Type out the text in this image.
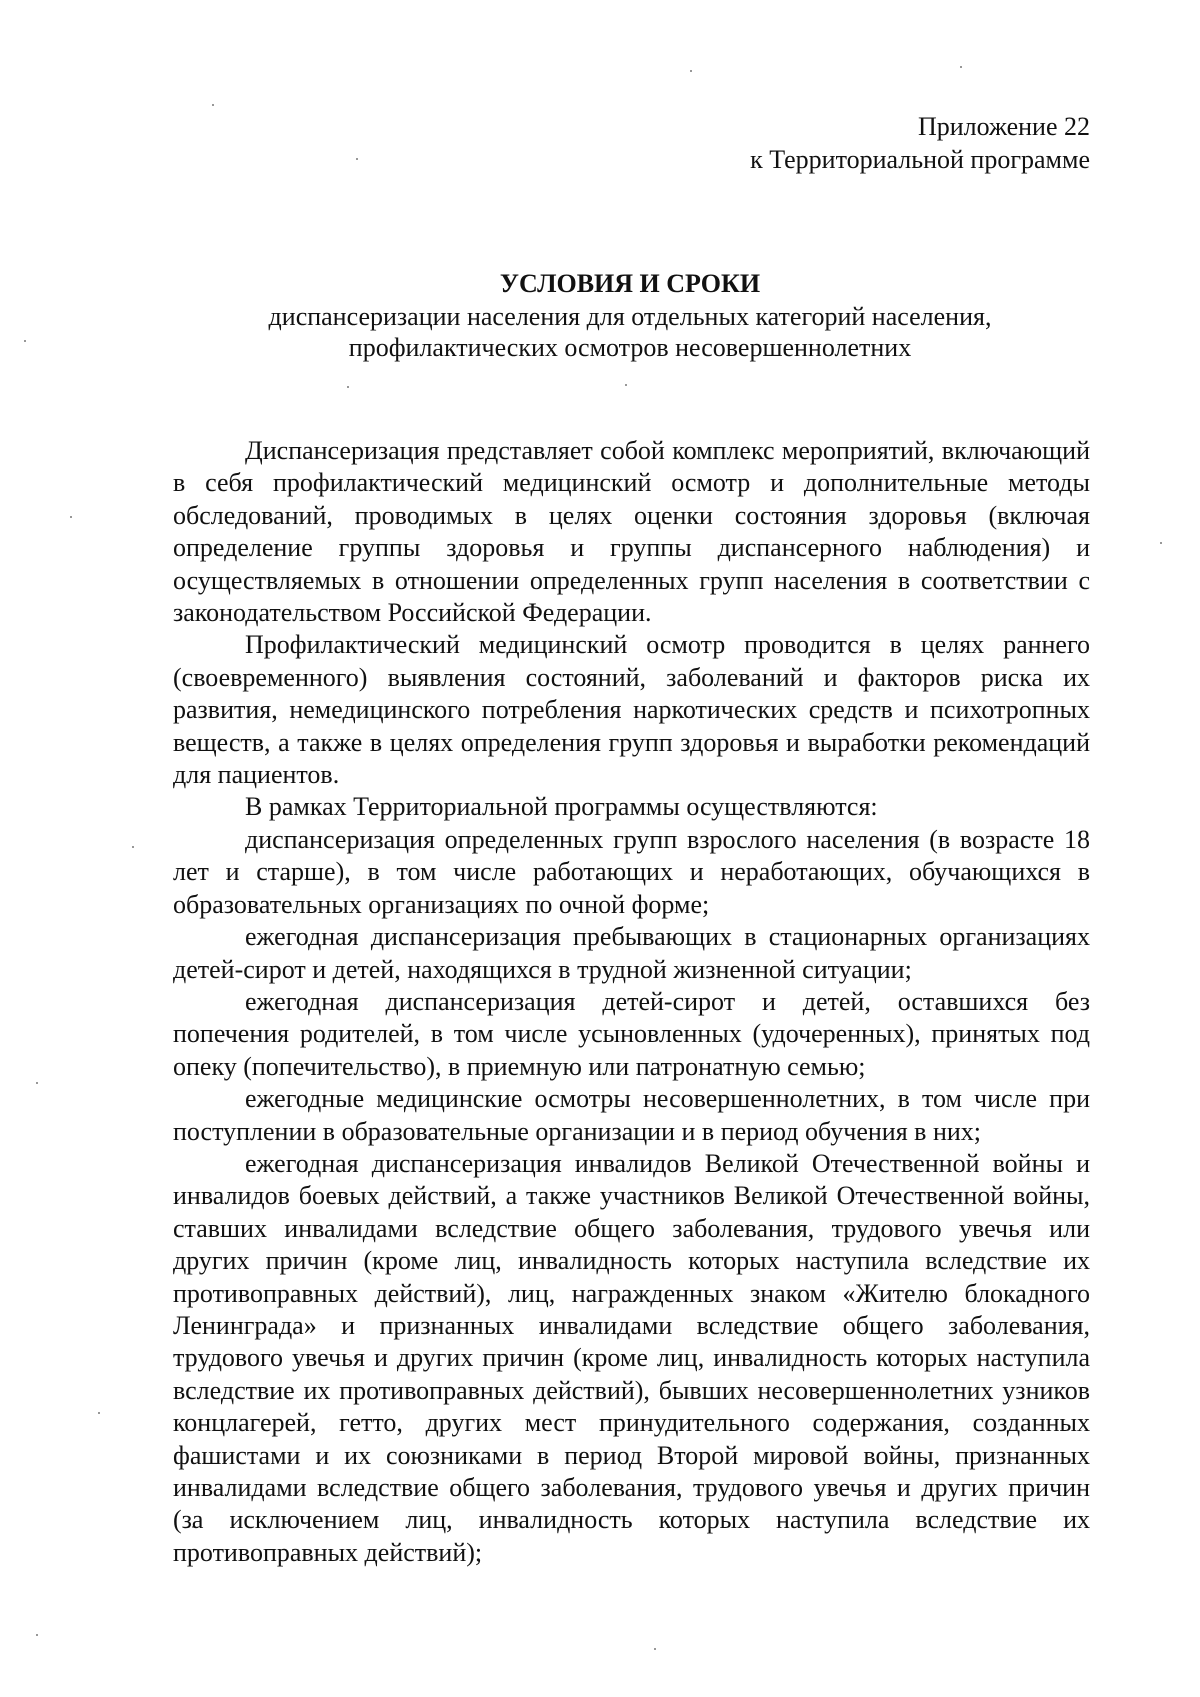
Приложение 22
к Территориальной программе
УСЛОВИЯ И СРОКИ
диспансеризации населения для отдельных категорий населения,
профилактических осмотров несовершеннолетних

Диспансеризация представляет собой комплекс мероприятий, включающий в себя профилактический медицинский осмотр и дополнительные методы обследований, проводимых в целях оценки состояния здоровья (включая определение группы здоровья и группы диспансерного наблюдения) и осуществляемых в отношении определенных групп населения в соответствии с законодательством Российской Федерации.

Профилактический медицинский осмотр проводится в целях раннего (своевременного) выявления состояний, заболеваний и факторов риска их развития, немедицинского потребления наркотических средств и психотропных веществ, а также в целях определения групп здоровья и выработки рекомендаций для пациентов.

В рамках Территориальной программы осуществляются:

диспансеризация определенных групп взрослого населения (в возрасте 18 лет и старше), в том числе работающих и неработающих, обучающихся в образовательных организациях по очной форме;

ежегодная диспансеризация пребывающих в стационарных организациях детей-сирот и детей, находящихся в трудной жизненной ситуации;

ежегодная диспансеризация детей-сирот и детей, оставшихся без попечения родителей, в том числе усыновленных (удочеренных), принятых под опеку (попечительство), в приемную или патронатную семью;

ежегодные медицинские осмотры несовершеннолетних, в том числе при поступлении в образовательные организации и в период обучения в них;

ежегодная диспансеризация инвалидов Великой Отечественной войны и инвалидов боевых действий, а также участников Великой Отечественной войны, ставших инвалидами вследствие общего заболевания, трудового увечья или других причин (кроме лиц, инвалидность которых наступила вследствие их противоправных действий), лиц, награжденных знаком «Жителю блокадного Ленинграда» и признанных инвалидами вследствие общего заболевания, трудового увечья и других причин (кроме лиц, инвалидность которых наступила вследствие их противоправных действий), бывших несовершеннолетних узников концлагерей, гетто, других мест принудительного содержания, созданных фашистами и их союзниками в период Второй мировой войны, признанных инвалидами вследствие общего заболевания, трудового увечья и других причин (за исключением лиц, инвалидность которых наступила вследствие их противоправных действий);
